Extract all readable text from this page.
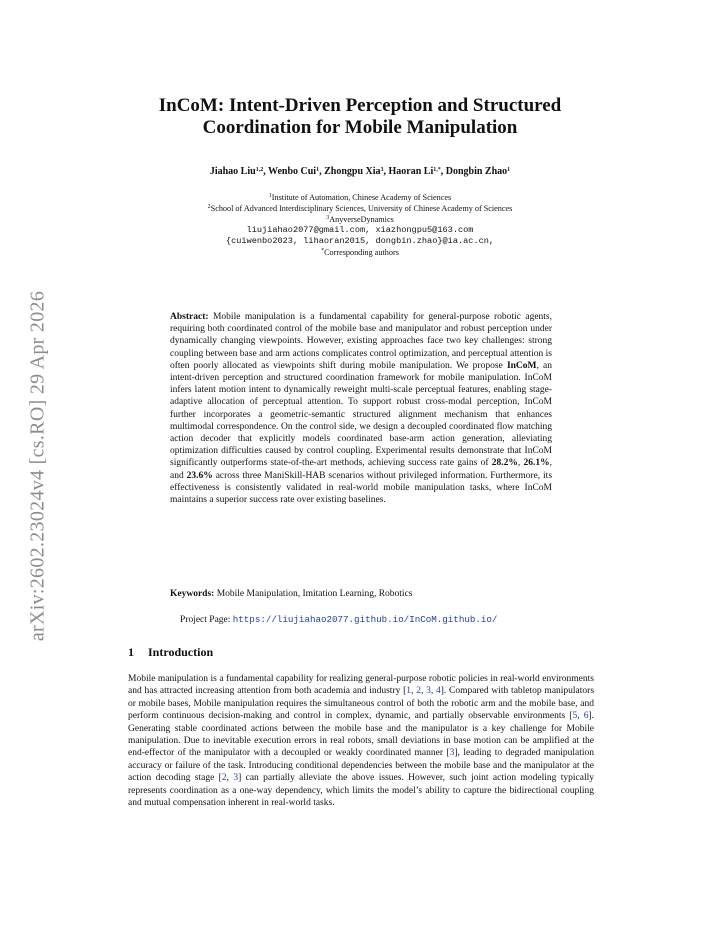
arXiv:2602.23024v4 [cs.RO] 29 Apr 2026
InCoM: Intent-Driven Perception and Structured
Coordination for Mobile Manipulation
Jiahao Liu$^{1,2}$, Wenbo Cui$^1$, Zhongpu Xia$^3$, Haoran $Li^{1,*}$, Dongbin Zhao$^1$
$^1$Institute of Automation, Chinese Academy of Sciences
$^2$School of Advanced Interdisciplinary Sciences, University of Chinese Academy of Sciences
$^3$AnyverseDynamics
liujiahao2077@gmail.com, xiazhongpu5@163.com
{cuiwenbo2023, lihaoran2015, dongbin.zhao}@ia.ac.cn,
*Corresponding authors
Abstract: Mobile manipulation is a fundamental capability for general-purpose robotic agents, requiring both coordinated control of the mobile base and manipulator and robust perception under dynamically changing viewpoints. However, existing approaches face two key challenges: strong coupling between base and arm actions complicates control optimization, and perceptual attention is often poorly allocated as viewpoints shift during mobile manipulation. We propose InCoM, an intent-driven perception and structured coordination framework for mobile manipulation. InCoM infers latent motion intent to dynamically reweight multi-scale perceptual features, enabling stage-adaptive allocation of perceptual attention. To support robust cross-modal perception, InCoM further incorporates a geometric-semantic structured alignment mechanism that enhances multimodal correspondence. On the control side, we design a decoupled coordinated flow matching action decoder that explicitly models coordinated base-arm action generation, alleviating optimization difficulties caused by control coupling. Experimental results demonstrate that InCoM significantly outperforms state-of-the-art methods, achieving success rate gains of 28.2%, 26.1%, and 23.6% across three ManiSkill-HAB scenarios without privileged information. Furthermore, its effectiveness is consistently validated in real-world mobile manipulation tasks, where InCoM maintains a superior success rate over existing baselines.
Keywords: Mobile Manipulation, Imitation Learning, Robotics
Project Page: https://liujiahao2077.github.io/InCoM.github.io/
1 Introduction
Mobile manipulation is a fundamental capability for realizing general-purpose robotic policies in real-world environments and has attracted increasing attention from both academia and industry [1, 2, 3, 4]. Compared with tabletop manipulators or mobile bases, Mobile manipulation requires the simultaneous control of both the robotic arm and the mobile base, and perform continuous decision-making and control in complex, dynamic, and partially observable environments [5, 6]. Generating stable coordinated actions between the mobile base and the manipulator is a key challenge for Mobile manipulation. Due to inevitable execution errors in real robots, small deviations in base motion can be amplified at the end-effector of the manipulator with a decoupled or weakly coordinated manner [3], leading to degraded manipulation accuracy or failure of the task. Introducing conditional dependencies between the mobile base and the manipulator at the action decoding stage [2, 3] can partially alleviate the above issues. However, such joint action modeling typically represents coordination as a one-way dependency, which limits the model’s ability to capture the bidirectional coupling and mutual compensation inherent in real-world tasks.
